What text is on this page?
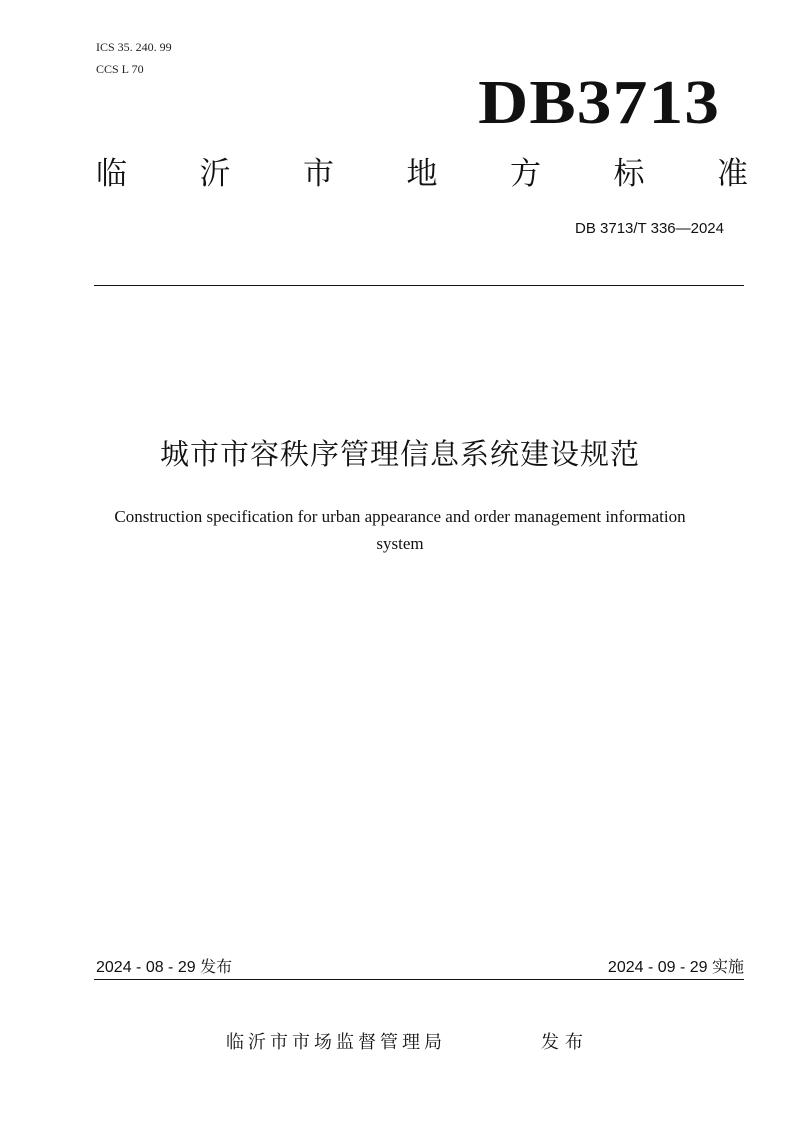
ICS 35. 240. 99
CCS L 70	DB3713
临 沂 市 地 方 标 准
DB 3713/T 336—2024
城市市容秩序管理信息系统建设规范
Construction specification for urban appearance and order management information
system
2024 - 08 - 29 发布	2024 - 09 - 29 实施
临沂市市场监督管理局	发布
